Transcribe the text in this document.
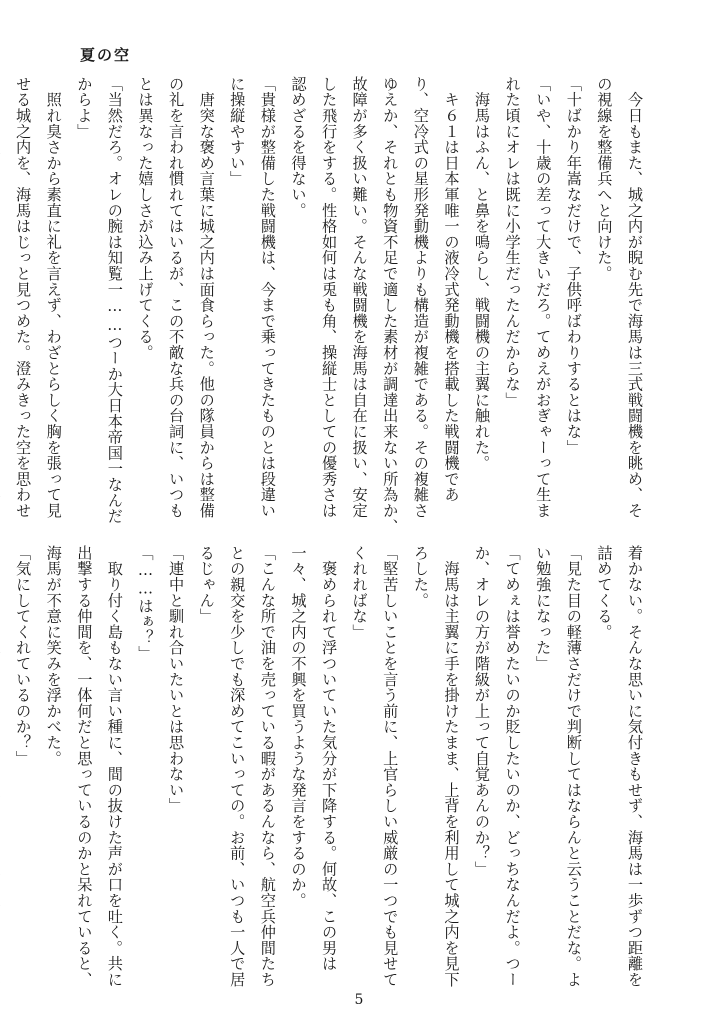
夏の空
　今日もまた、城之内が睨む先で海馬は三式戦闘機を眺め、そ
の視線を整備兵へと向けた。
「十ばかり年嵩なだけで、子供呼ばわりするとはな」
「いや、十歳の差って大きいだろ。てめえがおぎゃーって生ま
れた頃にオレは既に小学生だったんだからな」
　海馬はふん、と鼻を鳴らし、戦闘機の主翼に触れた。
　キ６１は日本軍唯一の液冷式発動機を搭載した戦闘機であ
り、空冷式の星形発動機よりも構造が複雑である。その複雑さ
ゆえか、それとも物資不足で適した素材が調達出来ない所為か、
故障が多く扱い難い。そんな戦闘機を海馬は自在に扱い、安定
した飛行をする。性格如何は兎も角、操縦士としての優秀さは
認めざるを得ない。
「貴様が整備した戦闘機は、今まで乗ってきたものとは段違い
に操縦やすい」
　唐突な褒め言葉に城之内は面食らった。他の隊員からは整備
の礼を言われ慣れてはいるが、この不敵な兵の台詞に、いつも
とは異なった嬉しさが込み上げてくる。
「当然だろ。オレの腕は知覧一……つーか大日本帝国一なんだ
からよ」
　照れ臭さから素直に礼を言えず、わざとらしく胸を張って見
せる城之内を、海馬はじっと見つめた。澄みきった空を思わせ
着かない。そんな思いに気付きもせず、海馬は一歩ずつ距離を
詰めてくる。
「見た目の軽薄さだけで判断してはならんと云うことだな。よ
い勉強になった」
「てめぇは誉めたいのか貶したいのか、どっちなんだよ。つー
か、オレの方が階級が上って自覚あんのか？」
　海馬は主翼に手を掛けたまま、上背を利用して城之内を見下
ろした。
「堅苦しいことを言う前に、上官らしい威厳の一つでも見せて
くれればな」
　褒められて浮ついていた気分が下降する。何故、この男は
一々、城之内の不興を買うような発言をするのか。
「こんな所で油を売っている暇があるんなら、航空兵仲間たち
との親交を少しでも深めてこいっての。お前、いつも一人で居
るじゃん」
「連中と馴れ合いたいとは思わない」
「……はぁ？」
　取り付く島もない言い種に、間の抜けた声が口を吐く。共に
出撃する仲間を、一体何だと思っているのかと呆れていると、
海馬が不意に笑みを浮かべた。
「気にしてくれているのか？」
5
